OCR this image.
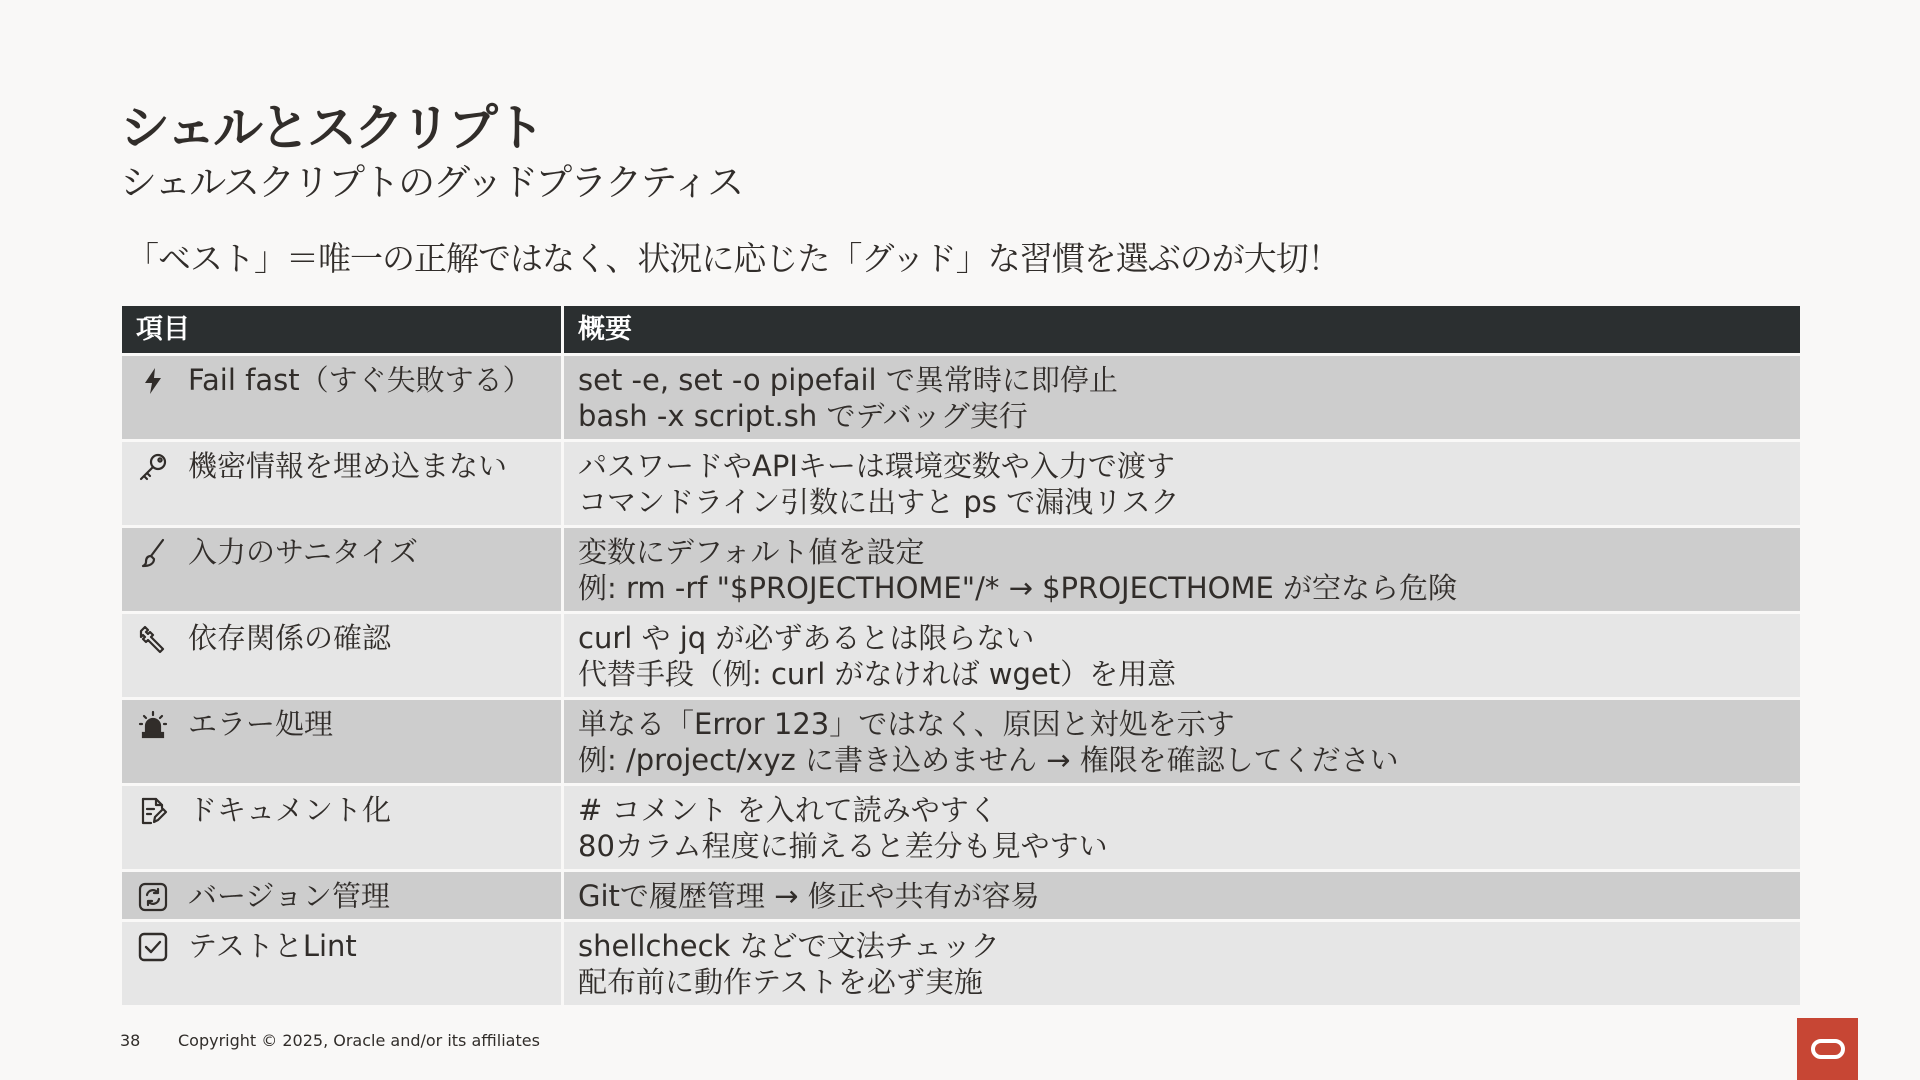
シェルとスクリプト
シェルスクリプトのグッドプラクティス
「ベスト」＝唯一の正解ではなく、状況に応じた「グッド」な習慣を選ぶのが大切！
項目	概要

Fail fast（すぐ失敗する）	set -e, set -o pipefail で異常時に即停止
bash -x script.sh でデバッグ実行

機密情報を埋め込まない	パスワードやAPIキーは環境変数や入力で渡す
コマンドライン引数に出すと ps で漏洩リスク

入力のサニタイズ	変数にデフォルト値を設定
例: rm -rf "$PROJECTHOME"/* → $PROJECTHOME が空なら危険

依存関係の確認	curl や jq が必ずあるとは限らない
代替手段（例: curl がなければ wget）を用意

エラー処理	単なる「Error 123」ではなく、原因と対処を示す
例: /project/xyz に書き込めません → 権限を確認してください

ドキュメント化	# コメント を入れて読みやすく
80カラム程度に揃えると差分も見やすい

バージョン管理	Gitで履歴管理 → 修正や共有が容易

テストとLint	shellcheck などで文法チェック
配布前に動作テストを必ず実施
38 Copyright © 2025, Oracle and/or its affiliates
